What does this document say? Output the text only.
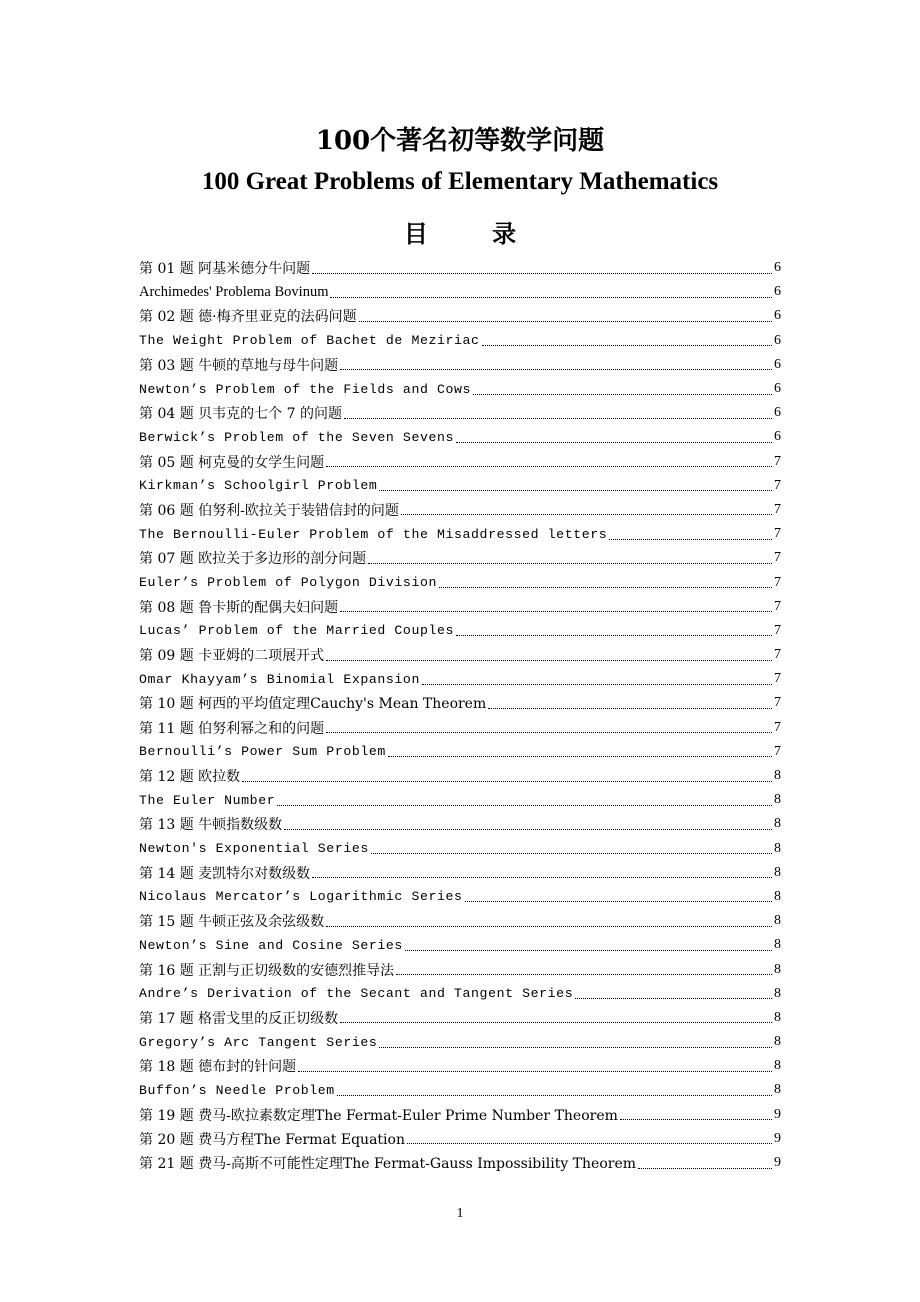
100个著名初等数学问题
100 Great Problems of Elementary Mathematics
目 录
第 01 题 阿基米德分牛问题	6
Archimedes' Problema Bovinum	6
第 02 题 德·梅齐里亚克的法码问题	6
The Weight Problem of Bachet de Meziriac	6
第 03 题 牛顿的草地与母牛问题	6
Newton’s Problem of the Fields and Cows	6
第 04 题 贝韦克的七个 7 的问题	6
Berwick’s Problem of the Seven Sevens	6
第 05 题 柯克曼的女学生问题	7
Kirkman’s Schoolgirl Problem	7
第 06 题 伯努利-欧拉关于装错信封的问题	7
The Bernoulli-Euler Problem of the Misaddressed letters	7
第 07 题 欧拉关于多边形的剖分问题	7
Euler’s Problem of Polygon Division	7
第 08 题 鲁卡斯的配偶夫妇问题	7
Lucas’ Problem of the Married Couples	7
第 09 题 卡亚姆的二项展开式	7
Omar Khayyam’s Binomial Expansion	7
第 10 题 柯西的平均值定理Cauchy's Mean Theorem	7
第 11 题 伯努利幂之和的问题	7
Bernoulli’s Power Sum Problem	7
第 12 题 欧拉数	8
The Euler Number	8
第 13 题 牛顿指数级数	8
Newton's Exponential Series	8
第 14 题 麦凯特尔对数级数	8
Nicolaus Mercator’s Logarithmic Series	8
第 15 题 牛顿正弦及余弦级数	8
Newton’s Sine and Cosine Series	8
第 16 题 正割与正切级数的安德烈推导法	8
Andre’s Derivation of the Secant and Tangent Series	8
第 17 题 格雷戈里的反正切级数	8
Gregory’s Arc Tangent Series	8
第 18 题 德布封的针问题	8
Buffon’s Needle Problem	8
第 19 题 费马-欧拉素数定理The Fermat-Euler Prime Number Theorem	9
第 20 题 费马方程The Fermat Equation	9
第 21 题 费马-高斯不可能性定理The Fermat-Gauss Impossibility Theorem	9
1
